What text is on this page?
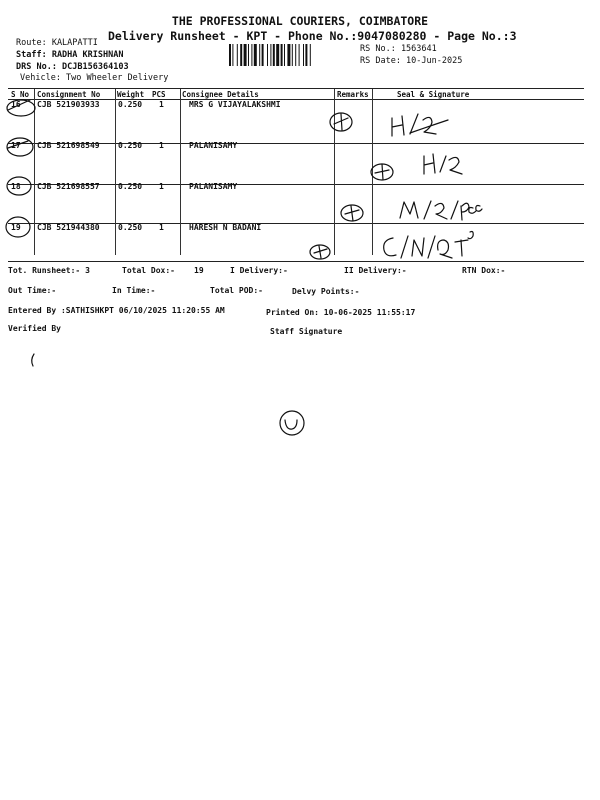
THE PROFESSIONAL COURIERS, COIMBATORE
Delivery Runsheet - KPT - Phone No.:9047080280 - Page No.:3
Route: KALAPATTI
Staff: RADHA KRISHNAN
DRS No.: DCJB156364103
Vehicle: Two Wheeler Delivery
RS No.: 1563641
RS Date: 10-Jun-2025
S No Consignment No Weight PCS Consignee Details	Remarks	Seal & Signature
16 CJB 521903933 0.250 1	MRS G VIJAYALAKSHMI
17 CJB 521698549 0.250 1	PALANISAMY
18 CJB 521698557 0.250 1	PALANISAMY
19 CJB 521944380 0.250 1	HARESH N BADANI
Tot. Runsheet:- 3	Total Dox:- 19	I Delivery:-	II Delivery:-	RTN Dox:-
Out Time:-	In Time:-	Total POD:-	Delvy Points:-
Entered By :SATHISHKPT 06/10/2025 11:20:55 AM	Printed On: 10-06-2025 11:55:17
Verified By	Staff Signature
